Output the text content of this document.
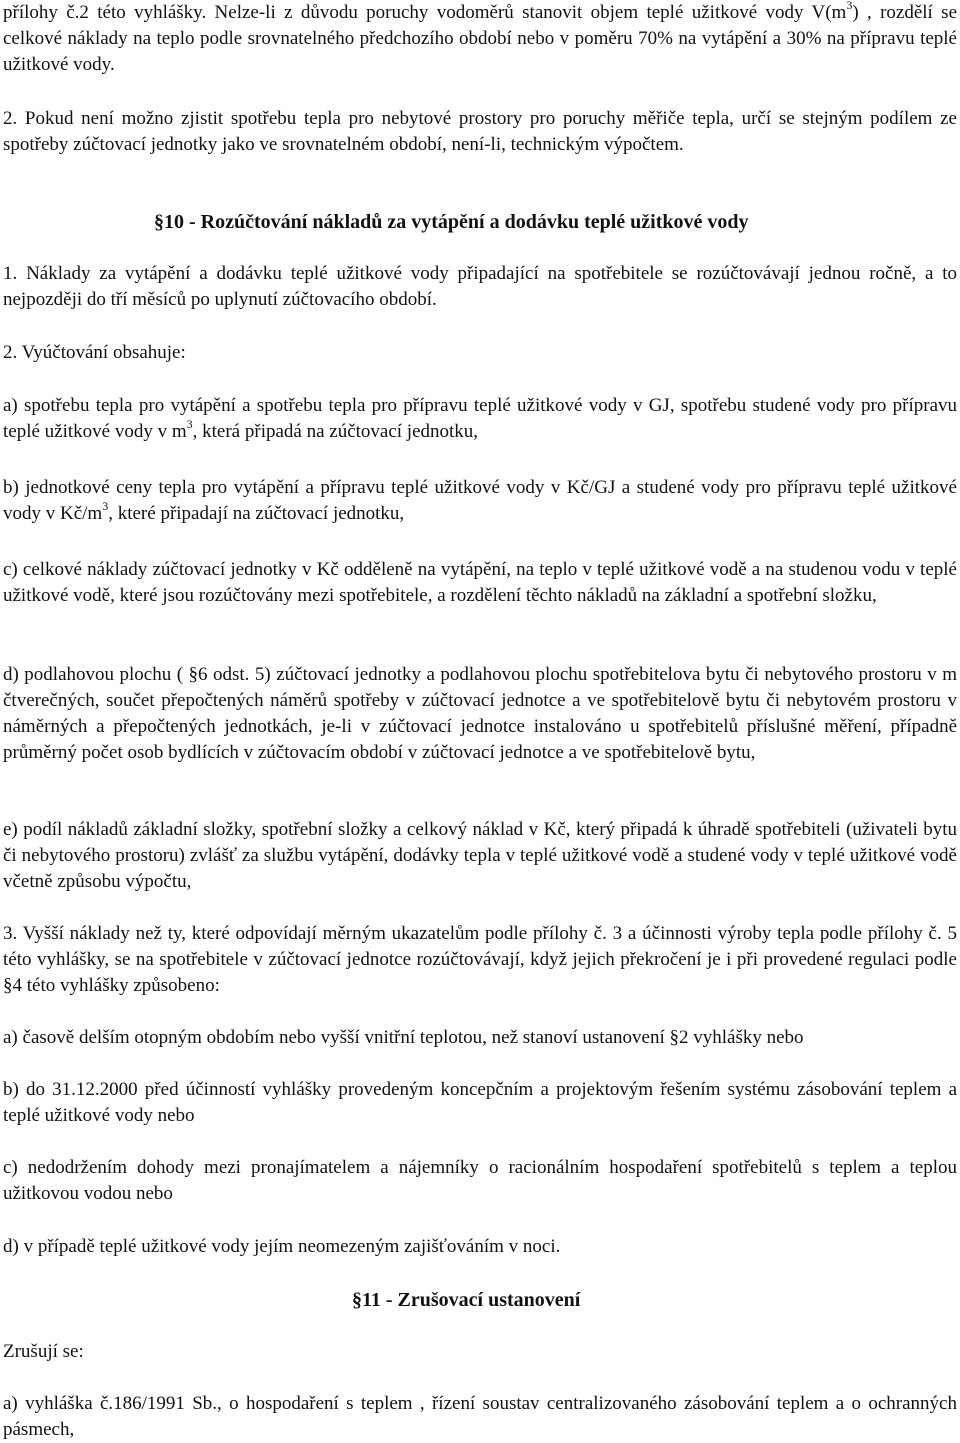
přílohy č.2 této vyhlášky. Nelze-li z důvodu poruchy vodoměrů stanovit objem teplé užitkové vody $V(m^3)$ , rozdělí se celkové náklady na teplo podle srovnatelného předchozího období nebo v poměru 70% na vytápění a 30% na přípravu teplé užitkové vody.

2. Pokud není možno zjistit spotřebu tepla pro nebytové prostory pro poruchy měřiče tepla, určí se stejným podílem ze spotřeby zúčtovací jednotky jako ve srovnatelném období, není-li, technickým výpočtem.

§10 - Rozúčtování nákladů za vytápění a dodávku teplé užitkové vody

1. Náklady za vytápění a dodávku teplé užitkové vody připadající na spotřebitele se rozúčtovávají jednou ročně, a to nejpozději do tří měsíců po uplynutí zúčtovacího období.

2. Vyúčtování obsahuje:

a) spotřebu tepla pro vytápění a spotřebu tepla pro přípravu teplé užitkové vody v GJ, spotřebu studené vody pro přípravu teplé užitkové vody v $m^3$, která připadá na zúčtovací jednotku,

b) jednotkové ceny tepla pro vytápění a přípravu teplé užitkové vody v Kč/GJ a studené vody pro přípravu teplé užitkové vody v $Kč/m^3$, které připadají na zúčtovací jednotku,

c) celkové náklady zúčtovací jednotky v Kč odděleně na vytápění, na teplo v teplé užitkové vodě a na studenou vodu v teplé užitkové vodě, které jsou rozúčtovány mezi spotřebitele, a rozdělení těchto nákladů na základní a spotřební složku,

d) podlahovou plochu ( §6 odst. 5) zúčtovací jednotky a podlahovou plochu spotřebitelova bytu či nebytového prostoru v m čtverečných, součet přepočtených náměrů spotřeby v zúčtovací jednotce a ve spotřebitelově bytu či nebytovém prostoru v náměrných a přepočtených jednotkách, je-li v zúčtovací jednotce instalováno u spotřebitelů příslušné měření, případně průměrný počet osob bydlících v zúčtovacím období v zúčtovací jednotce a ve spotřebitelově bytu,

e) podíl nákladů základní složky, spotřební složky a celkový náklad v Kč, který připadá k úhradě spotřebiteli (uživateli bytu či nebytového prostoru) zvlášť za službu vytápění, dodávky tepla v teplé užitkové vodě a studené vody v teplé užitkové vodě včetně způsobu výpočtu,

3. Vyšší náklady než ty, které odpovídají měrným ukazatelům podle přílohy č. 3 a účinnosti výroby tepla podle přílohy č. 5 této vyhlášky, se na spotřebitele v zúčtovací jednotce rozúčtovávají, když jejich překročení je i při provedené regulaci podle §4 této vyhlášky způsobeno:

a) časově delším otopným obdobím nebo vyšší vnitřní teplotou, než stanoví ustanovení §2 vyhlášky nebo

b) do 31.12.2000 před účinností vyhlášky provedeným koncepčním a projektovým řešením systému zásobování teplem a teplé užitkové vody nebo

c) nedodržením dohody mezi pronajímatelem a nájemníky o racionálním hospodaření spotřebitelů s teplem a teplou užitkovou vodou nebo

d) v případě teplé užitkové vody jejím neomezeným zajišťováním v noci.

§11 - Zrušovací ustanovení

Zrušují se:

a) vyhláška č.186/1991 Sb., o hospodaření s teplem , řízení soustav centralizovaného zásobování teplem a o ochranných pásmech,
